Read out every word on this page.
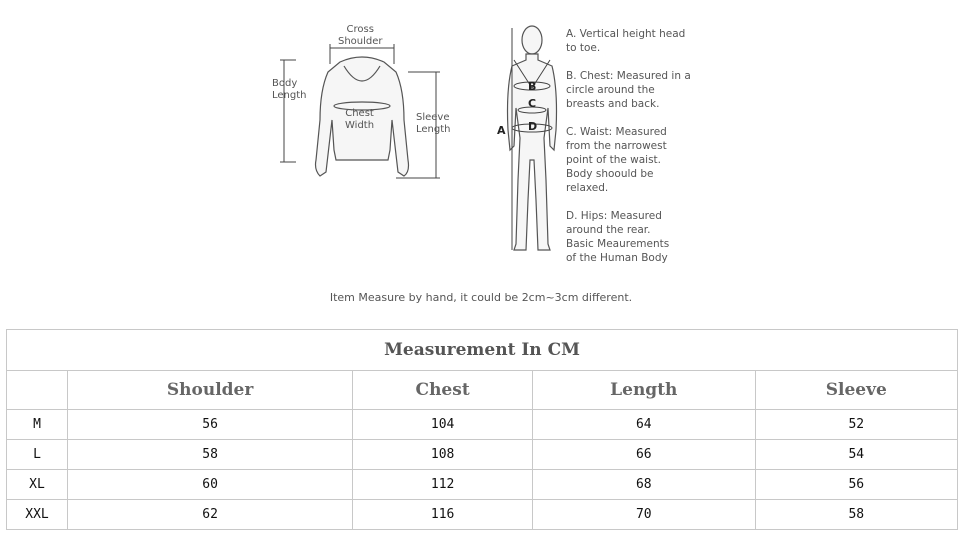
Cross
Shoulder
Body
Length
Chest
Width
Sleeve
Length	A
B
C
D
A. Vertical height head
to toe.
B. Chest: Measured in a
circle around the
breasts and back.
C. Waist: Measured
from the narrowest
point of the waist.
Body shoould be
relaxed.
D. Hips: Measured
around the rear.
Basic Meaurements
of the Human Body
Item Measure by hand, it could be 2cm~3cm different.
Measurement In CM				
	Shoulder	Chest	Length	Sleeve
M	56	104	64	52
L	58	108	66	54
XL	60	112	68	56
XXL	62	116	70	58
